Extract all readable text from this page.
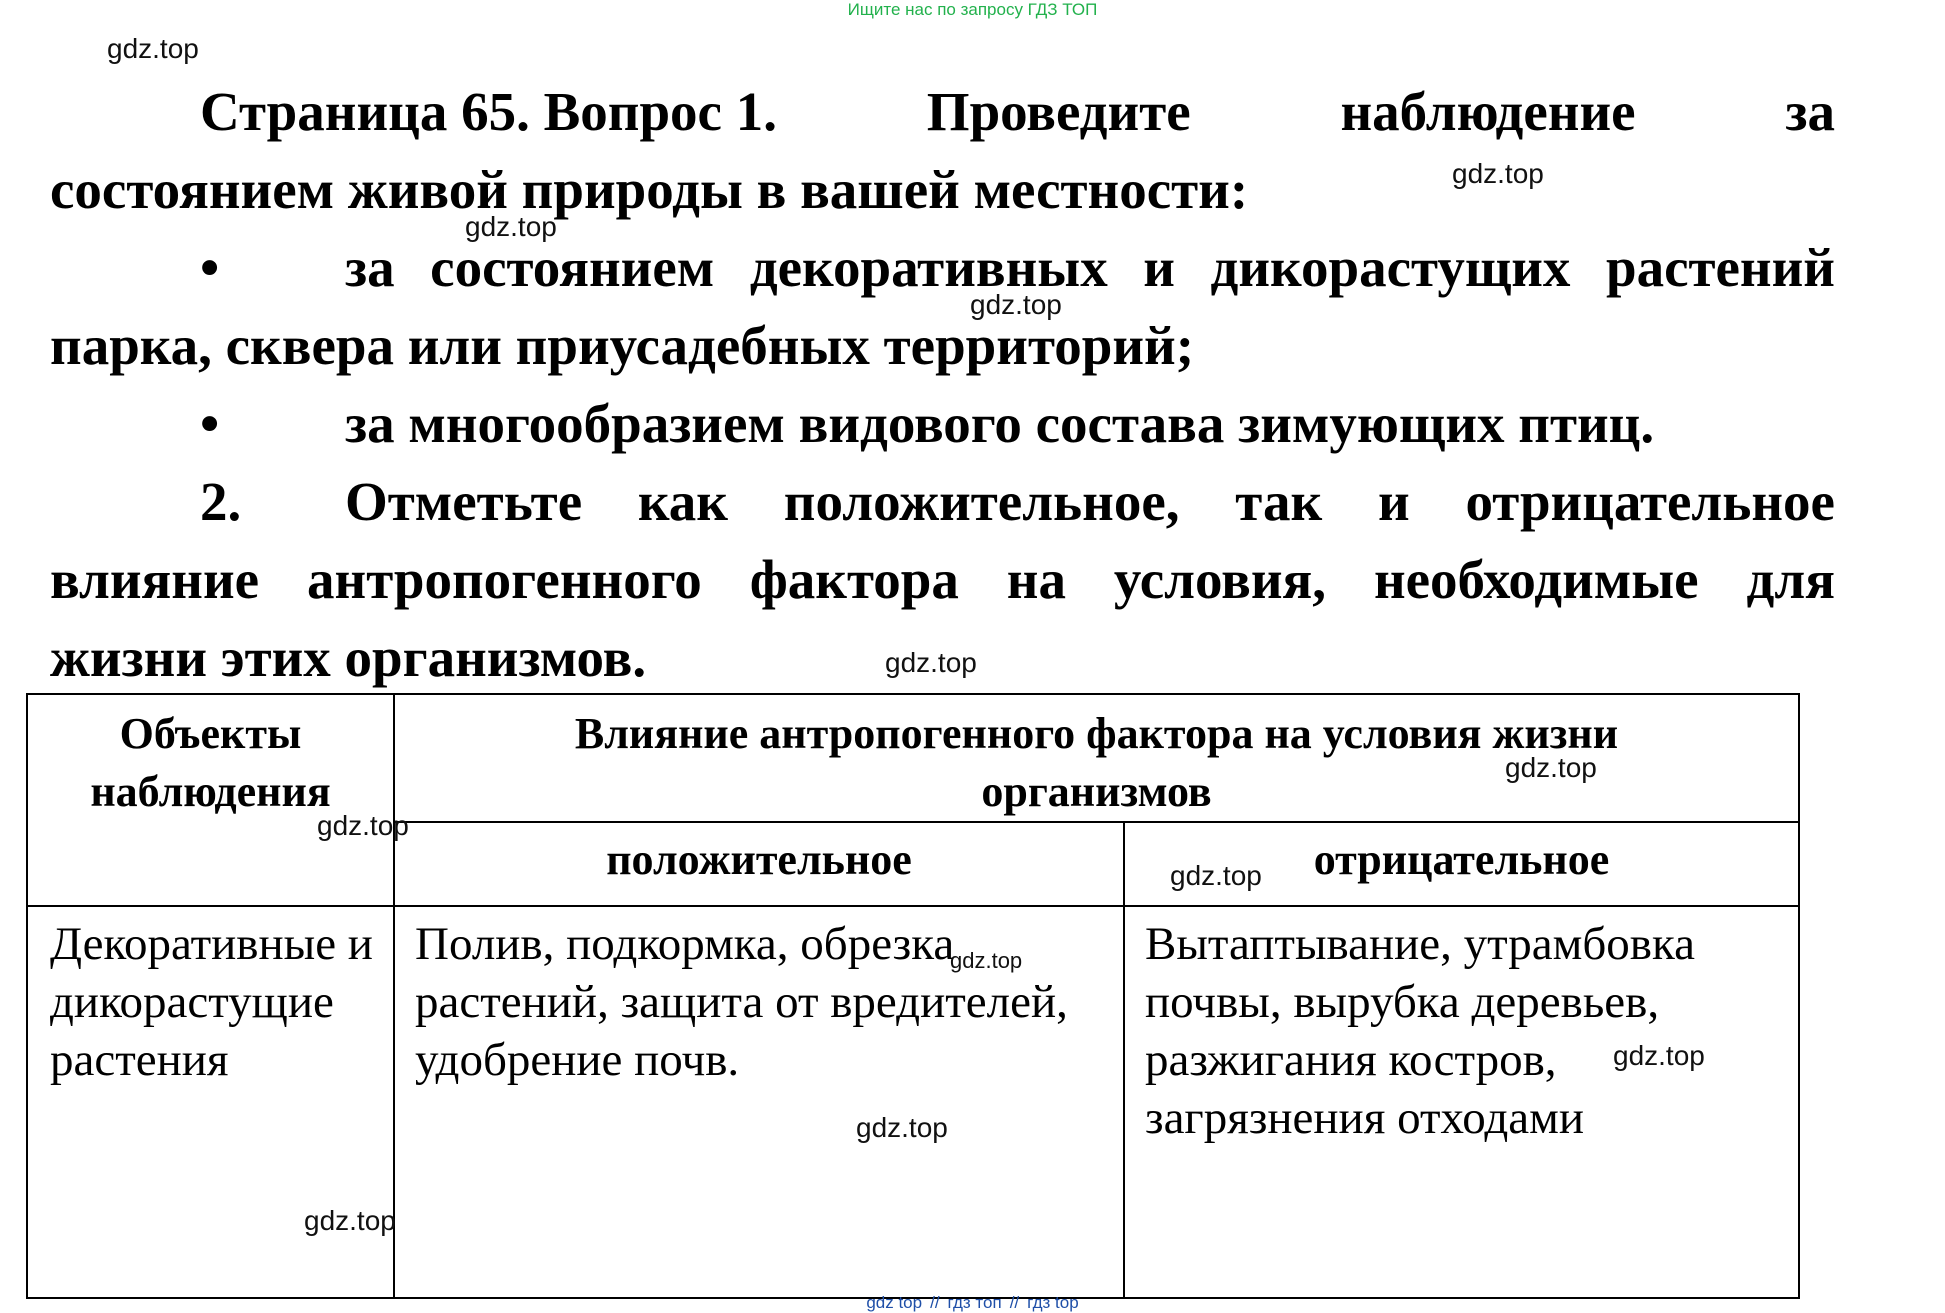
Ищите нас по запросу ГДЗ ТОП
Страница 65. Вопрос 1.	Проведите	наблюдение	за
состоянием живой природы в вашей местности:
• за состоянием декоративных и дикорастущих растений
парка, сквера или приусадебных территорий;
• за многообразием видового состава зимующих птиц.
2. Отметьте как положительное, так и отрицательное
влияние антропогенного фактора на условия, необходимые для
жизни этих организмов.
Объекты наблюдения	Влияние антропогенного фактора на условия жизни организмов	
	положительное	отрицательное
Декоративные и дикорастущие растения	Полив, подкормка, обрезка растений, защита от вредителей, удобрение почв.	Вытаптывание, утрамбовка почвы, вырубка деревьев, разжигания костров, загрязнения отходами
gdz.top
gdz.top
gdz.top
gdz.top
gdz.top
gdz.top
gdz.top
gdz.top
gdz.top
gdz.top
gdz.top
gdz.top
gdz top // гдз топ // гдз top
